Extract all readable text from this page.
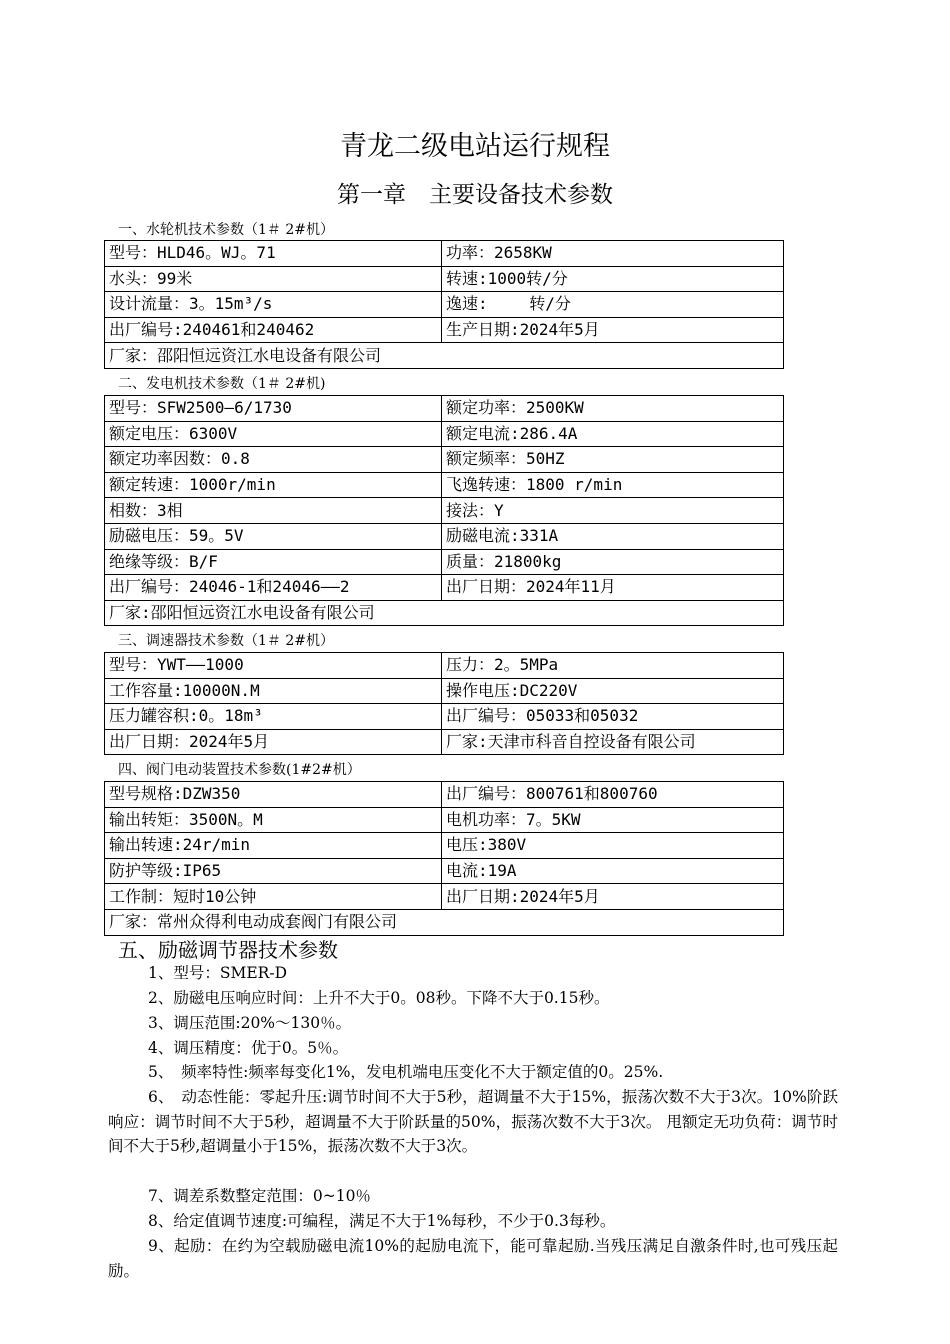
青龙二级电站运行规程
第一章　主要设备技术参数
一、水轮机技术参数（1＃ 2#机）
型号：HLD46。WJ。71	功率：2658KW
水头：99米	转速:1000转/分
设计流量：3。15m³/s	逸速:　　 转/分
出厂编号:240461和240462	生产日期:2024年5月
厂家：邵阳恒远资江水电设备有限公司	
二、发电机技术参数（1＃ 2#机)
型号：SFW2500—6/1730	额定功率：2500KW
额定电压：6300V	额定电流:286.4A
额定功率因数：0.8	额定频率：50HZ
额定转速：1000r/min	飞逸转速：1800 r/min
相数：3相	接法：Y
励磁电压：59。5V	励磁电流:331A
绝缘等级：B/F	质量：21800kg
出厂编号：24046-1和24046——2	出厂日期：2024年11月
厂家:邵阳恒远资江水电设备有限公司	
三、调速器技术参数（1＃ 2#机）
型号：YWT——1000	压力：2。5MPa
工作容量:10000N.M	操作电压:DC220V
压力罐容积:0。18m³	出厂编号：05033和05032
出厂日期：2024年5月	厂家:天津市科音自控设备有限公司
四、阀门电动装置技术参数(1#2#机）
型号规格:DZW350	出厂编号：800761和800760
输出转矩：3500N。M	电机功率：7。5KW
输出转速:24r/min	电压:380V
防护等级:IP65	电流:19A
工作制：短时10公钟	出厂日期:2024年5月
厂家：常州众得利电动成套阀门有限公司	
五、励磁调节器技术参数
1、型号：SMER-D
2、励磁电压响应时间：上升不大于0。08秒。下降不大于0.15秒。
3、调压范围:20%～130％。
4、调压精度：优于0。5％。
5、　频率特性:频率每变化1%，发电机端电压变化不大于额定值的0。25%.
6、　动态性能：零起升压:调节时间不大于5秒，超调量不大于15%，振荡次数不大于3次。10%阶跃响应：调节时间不大于5秒，超调量不大于阶跃量的50%，振荡次数不大于3次。 甩额定无功负荷：调节时间不大于5秒,超调量小于15%，振荡次数不大于3次。
7、调差系数整定范围：0~10％
8、给定值调节速度:可编程，满足不大于1%每秒，不少于0.3每秒。
9、起励：在约为空载励磁电流10%的起励电流下，能可靠起励.当残压满足自激条件时,也可残压起励。
